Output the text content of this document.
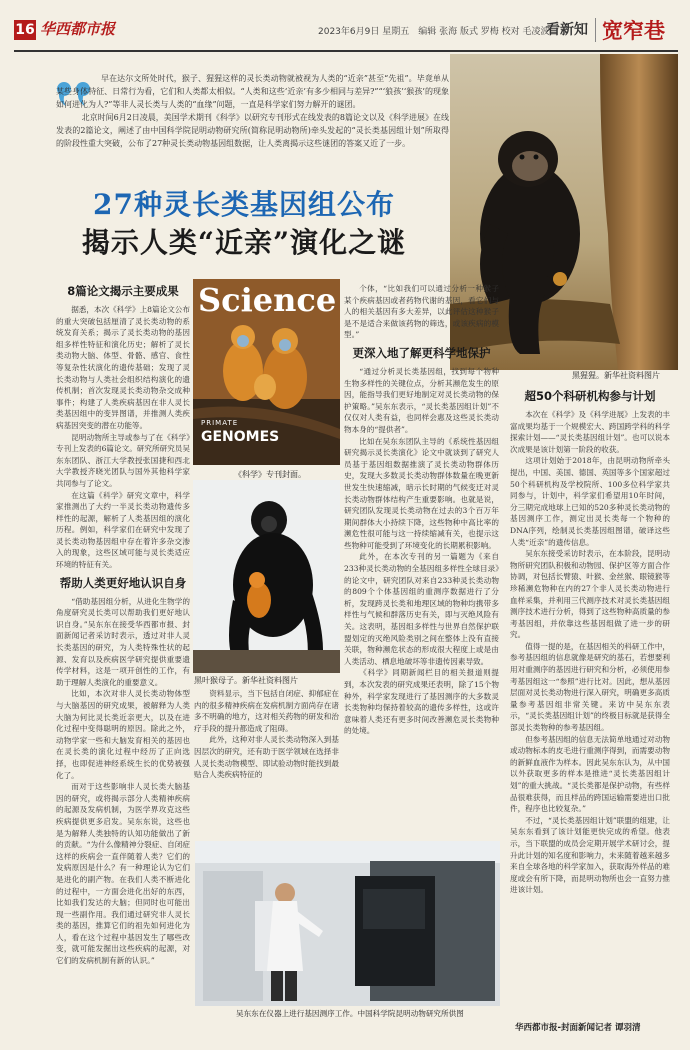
16 华西都市报	2023年6月9日 星期五　编辑 张海 版式 罗梅 校对 毛凌波
看新知 宽窄巷

早在达尔文所处时代，猴子、猩猩这样的灵长类动物就被视为人类的“近亲”甚至“先祖”。毕竟单从某些身体特征、日常行为看，它们和人类都太相似。“人类和这些‘近亲’有多少相同与差异?”“‘狼孩’‘猴孩’的现象如何进化为人?”等非人灵长类与人类的“血缘”问题，一直是科学家们努力解开的谜团。

北京时间6月2日凌晨，美国学术期刊《科学》以研究专刊形式在线发表的8篇论文以及《科学进展》在线发表的2篇论文，阐述了由中国科学院昆明动物研究所(简称昆明动物所)牵头发起的“灵长类基因组计划”所取得的阶段性重大突破，公布了27种灵长类动物基因组数据，让人类离揭示这些谜团的答案又近了一步。

27种灵长类基因组公布
揭示人类“近亲”演化之谜
黑猩猩。新华社资料图片
Science
PRIMATE
GENOMES
《科学》专刊封面。
黑叶猴母子。新华社资料图片
吴东东在仪器上进行基因测序工作。中国科学院昆明动物研究所供图

8篇论文揭示主要成果

据悉，本次《科学》上8篇论文公布的重大突破包括厘清了灵长类动物的系统发育关系；揭示了灵长类动物的基因组多样性特征和演化历史；解析了灵长类动物大脑、体型、骨骼、感官、食性等复杂性状演化的遗传基础；发现了灵长类动物与人类社会组织结构演化的遗传机制；首次发现灵长类动物杂交成种事件；构建了人类疾病基因在非人灵长类基因组中的变异图谱，并推测人类疾病基因突变的潜在功能等。

昆明动物所主导或参与了在《科学》专刊上发表的6篇论文。研究所研究员吴东东团队、浙江大学教授张国捷和西北大学教授齐晓光团队与国外其他科学家共同参与了论文。

在这篇《科学》研究文章中，科学家推测出了大约一半灵长类动物遗传多样性的起源，解析了人类基因组的演化历程。例如，科学家们在研究中发现了灵长类动物基因组中存在着许多杂交渗入的现象，这些区域可能与灵长类适应环境的特征有关。

帮助人类更好地认识自身

“借助基因组分析，从进化生物学的角度研究灵长类可以帮助我们更好地认识自身。”吴东东在接受华西都市报、封面新闻记者采访时表示，透过对非人灵长类基因的研究，为人类特殊性状的起源、发育以及疾病医学研究提供重要遗传学材料，这是一项开创性的工作，有助于理解人类演化的重要意义。

比如，本次对非人灵长类动物体型与大脑基因的研究成果，被解释为人类大脑为何比灵长类近亲更大，以及在进化过程中变得聪明的原因。除此之外，动物学家一些和大脑发育相关的基因也在灵长类的演化过程中经历了正向选择，也即促进神经系统生长的优势被强化了。

而对于这些影响非人灵长类大脑基因的研究，或将揭示部分人类精神疾病的起源及发病机制，为医学界攻克这些疾病提供更多启发。吴东东说，这些也是为解释人类独特的认知功能做出了新的贡献。“为什么像精神分裂症、自闭症这样的疾病会一直伴随着人类？它们的发病原因是什么？有一种理论认为它们是进化的副产物。在我们人类不断进化的过程中，一方面会进化出好的东西，比如我们发达的大脑；但同时也可能出现一些副作用。我们通过研究非人灵长类的基因，推算它们的祖先如何进化为人，看在这个过程中基因发生了哪些改变，就可能发掘出这些疾病的起源，对它们的发病机制有新的认识。”

资料显示，当下包括自闭症、抑郁症在内的很多精神疾病在发病机制方面尚存在诸多不明确的地方，这对相关药物的研发和治疗手段的提升都造成了阻碍。

此外，这种对非人灵长类动物深入到基因层次的研究，还有助于医学领域在选择非人灵长类动物模型、即试验动物时能找到最贴合人类疾病特征的

个体，“比如我们可以通过分析一种猴子某个疾病基因或者药物代谢的基因，看它们与人的相关基因有多大差异，以此评估这种猴子是不是适合来做该药物的筛选，或该疾病的模型。”

更深入地了解更科学地保护

“通过分析灵长类基因组，找到每个物种生物多样性的关键位点，分析其濒危发生的原因，能指导我们更好地制定对灵长类动物的保护策略。”吴东东表示，“灵长类基因组计划”不仅仅对人类有益，也同样会惠及这些灵长类动物本身的“提供者”。

比如在吴东东团队主导的《系统性基因组研究揭示灵长类演化》论文中就谈到了研究人员基于基因组数据推演了灵长类动物群体历史，发现大多数灵长类动物群体数量在晚更新世发生快速缩减，暗示长时期的气候变迁对灵长类动物群体结构产生重要影响。也就是说，研究团队发现灵长类动物在过去的3个百万年期间群体大小持续下降，这些物种中高比率的濒危性很可能与这一持续缩减有关，也提示这些物种可能受到了环境变化的长期累积影响。

此外，在本次专刊的另一篇题为《来自233种灵长类动物的全基因组多样性全球目录》的论文中，研究团队对来自233种灵长类动物的809个个体基因组的重测序数据进行了分析，发现跨灵长类和地理区域的物种均携带多样性与气候和群落历史有关，即与灭绝风险有关。这表明，基因组多样性与世界自然保护联盟划定的灭绝风险类别之间在整体上没有直接关联，物种濒危状态的形成很大程度上或是由人类活动、栖息地破坏等非遗传因素导致。

《科学》同期新闻栏目的相关报道则提到，本次发表的研究成果还表明，除了15个物种外，科学家发现进行了基因测序的大多数灵长类物种均保持着较高的遗传多样性，这或许意味着人类还有更多时间改善濒危灵长类物种的处境。

超50个科研机构参与计划

本次在《科学》及《科学进展》上发表的丰富成果均基于一个规模宏大、跨国跨学科的科学探索计划——“灵长类基因组计划”。也可以说本次成果是该计划第一阶段的收获。

这项计划始于2018年，由昆明动物所牵头提出，中国、美国、德国、英国等多个国家超过50个科研机构及学校院所、100多位科学家共同参与，计划中，科学家们希望用10年时间，分三期完成地球上已知的520多种灵长类动物的基因测序工作，测定出灵长类每一个物种的DNA序列，绘制灵长类基因组图谱，破译这些人类“近亲”的遗传信息。

吴东东接受采访时表示，在本阶段，昆明动物所研究团队积极和动物园、保护区等方面合作协调，对包括长臂猿、叶猴、金丝猴、眼镜猴等珍稀濒危物种在内的27个非人灵长类动物进行血样采集，并利用三代测序技术对灵长类基因组测序技术进行分析，得到了这些物种高质量的参考基因组，并依靠这些基因组做了进一步的研究。

值得一提的是，在基因相关的科研工作中，参考基因组的信息就像是研究的基石，若想要利用对重测序的基因进行研究和分析，必须使用参考基因组这一“参照”进行比对。因此，想从基因层面对灵长类动物进行深入研究，明确更多高质量参考基因组非常关键。来访中吴东东表示，“灵长类基因组计划”的终极目标就是获得全部灵长类物种的参考基因组。

但参考基因组的信息无法简单地通过对动物或动物标本的皮毛进行重测序得到，而需要动物的新鲜血液作为样本。因此吴东东认为，从中国以外获取更多的样本是推进“灵长类基因组计划”的重大挑战。“灵长类都是保护动物，有些样品很难获得，而且样品的跨国运输需要进出口批件，程序也比较复杂。”

不过，“灵长类基因组计划”联盟的组建，让吴东东看到了该计划能更快完成的希望。他表示，当下联盟的成员会定期开展学术研讨会，提升此计划的知名度和影响力，未来随着越来越多来自全球各地的科学家加入，获取海外样品的难度或会有所下降，而昆明动物所也会一直努力推进该计划。

华西都市报-封面新闻记者 谭羽清
